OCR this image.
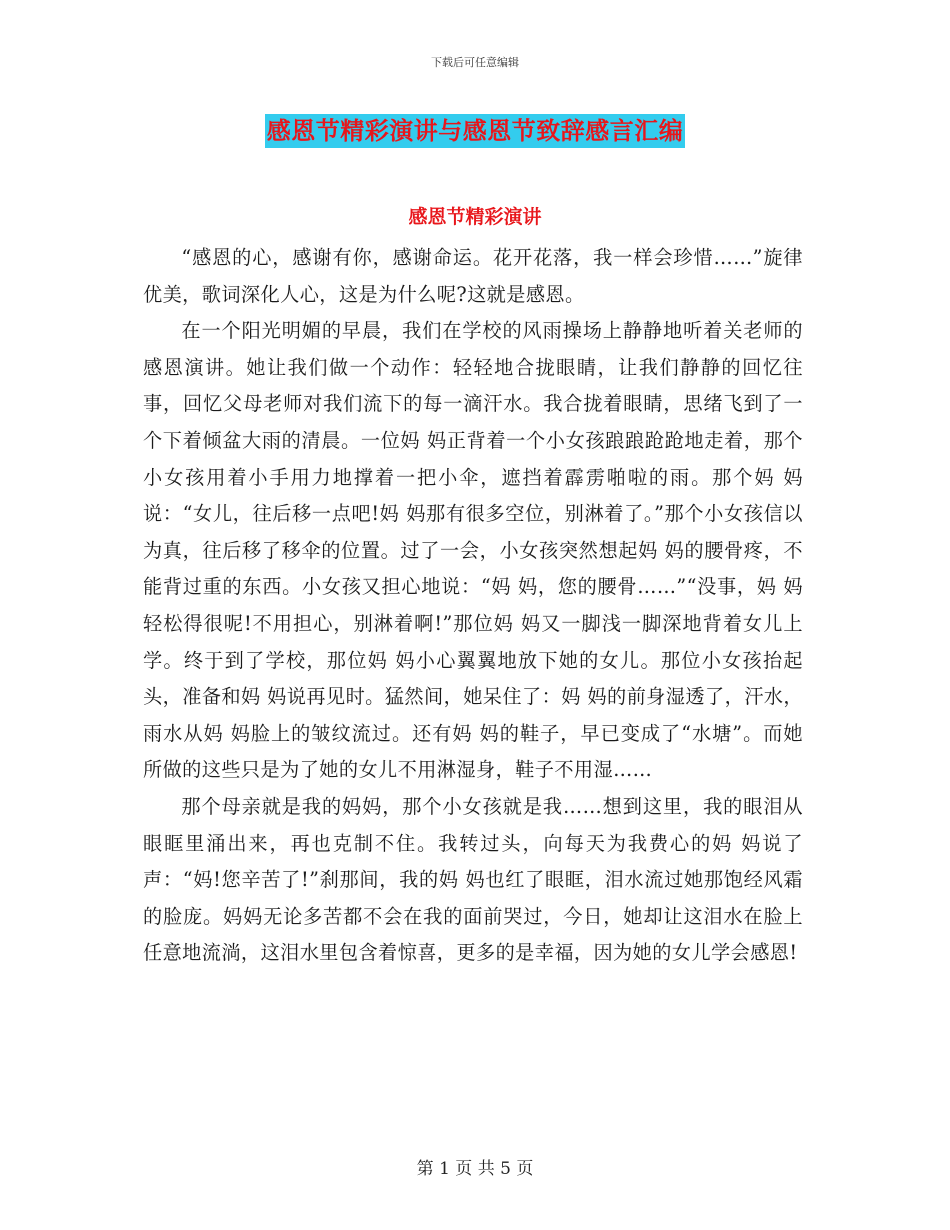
下载后可任意编辑
感恩节精彩演讲与感恩节致辞感言汇编
感恩节精彩演讲

“感恩的心，感谢有你，感谢命运。花开花落，我一样会珍惜……”旋律优美，歌词深化人心，这是为什么呢?这就是感恩。

在一个阳光明媚的早晨，我们在学校的风雨操场上静静地听着关老师的感恩演讲。她让我们做一个动作：轻轻地合拢眼睛，让我们静静的回忆往事，回忆父母老师对我们流下的每一滴汗水。我合拢着眼睛，思绪飞到了一个下着倾盆大雨的清晨。一位妈 妈正背着一个小女孩踉踉跄跄地走着，那个小女孩用着小手用力地撑着一把小伞，遮挡着霹雳啪啦的雨。那个妈 妈说：“女儿，往后移一点吧!妈 妈那有很多空位，别淋着了。”那个小女孩信以为真，往后移了移伞的位置。过了一会，小女孩突然想起妈 妈的腰骨疼，不能背过重的东西。小女孩又担心地说：“妈 妈，您的腰骨……”“没事，妈 妈轻松得很呢!不用担心，别淋着啊!”那位妈 妈又一脚浅一脚深地背着女儿上学。终于到了学校，那位妈 妈小心翼翼地放下她的女儿。那位小女孩抬起头，准备和妈 妈说再见时。猛然间，她呆住了：妈 妈的前身湿透了，汗水，雨水从妈 妈脸上的皱纹流过。还有妈 妈的鞋子，早已变成了“水塘”。而她所做的这些只是为了她的女儿不用淋湿身，鞋子不用湿……

那个母亲就是我的妈妈，那个小女孩就是我……想到这里，我的眼泪从眼眶里涌出来，再也克制不住。我转过头，向每天为我费心的妈 妈说了声：“妈!您辛苦了!”刹那间，我的妈 妈也红了眼眶，泪水流过她那饱经风霜的脸庞。妈妈无论多苦都不会在我的面前哭过，今日，她却让这泪水在脸上任意地流淌，这泪水里包含着惊喜，更多的是幸福，因为她的女儿学会感恩!

第 1 页 共 5 页
